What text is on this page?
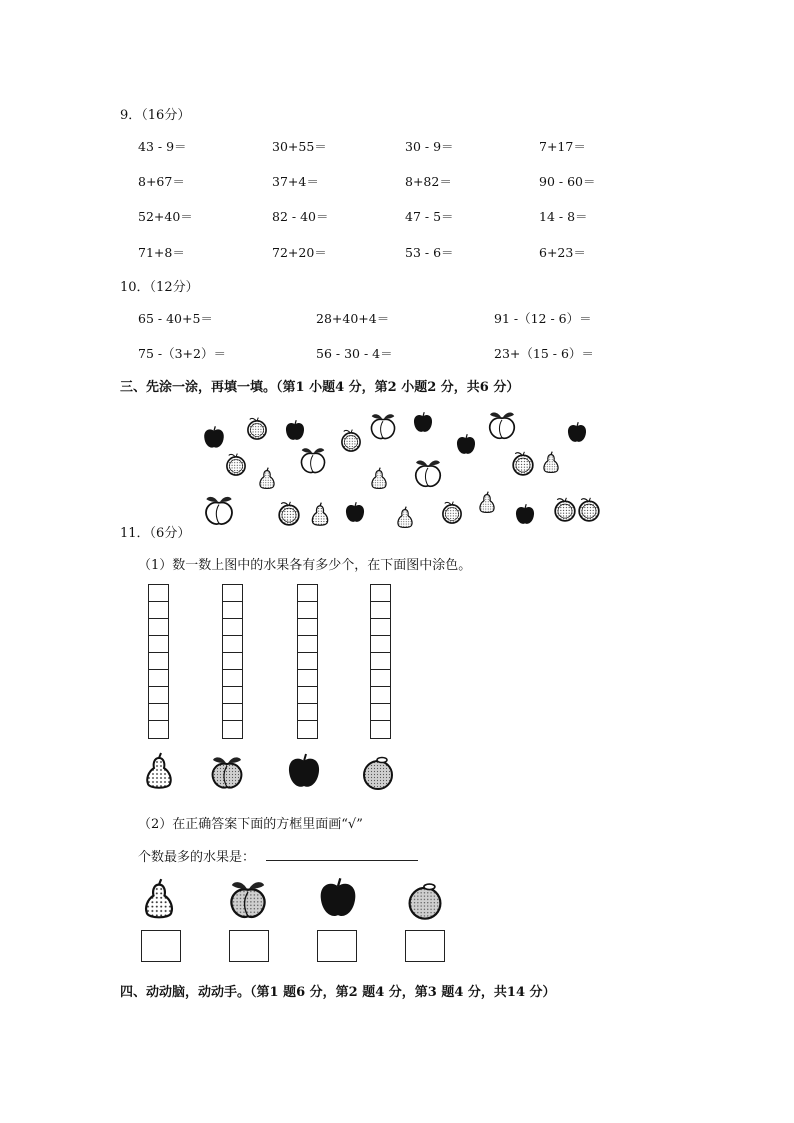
9．（16分）
43 - 9＝	30+55＝	30 - 9＝	7+17＝
8+67＝	37+4＝	8+82＝	90 - 60＝
52+40＝	82 - 40＝	47 - 5＝	14 - 8＝
71+8＝	72+20＝	53 - 6＝	6+23＝
10．（12分）
65 - 40+5＝	28+40+4＝	91 -（12 - 6）＝
75 -（3+2）＝	56 - 30 - 4＝	23+（15 - 6）＝
三、先涂一涂，再填一填。（第1 小题4 分，第2 小题2 分，共6 分）
11．（6分）
（1）数一数上图中的水果各有多少个，在下面图中涂色。
（2）在正确答案下面的方框里面画“√”
个数最多的水果是：
四、动动脑，动动手。（第1 题6 分，第2 题4 分，第3 题4 分，共14 分）
